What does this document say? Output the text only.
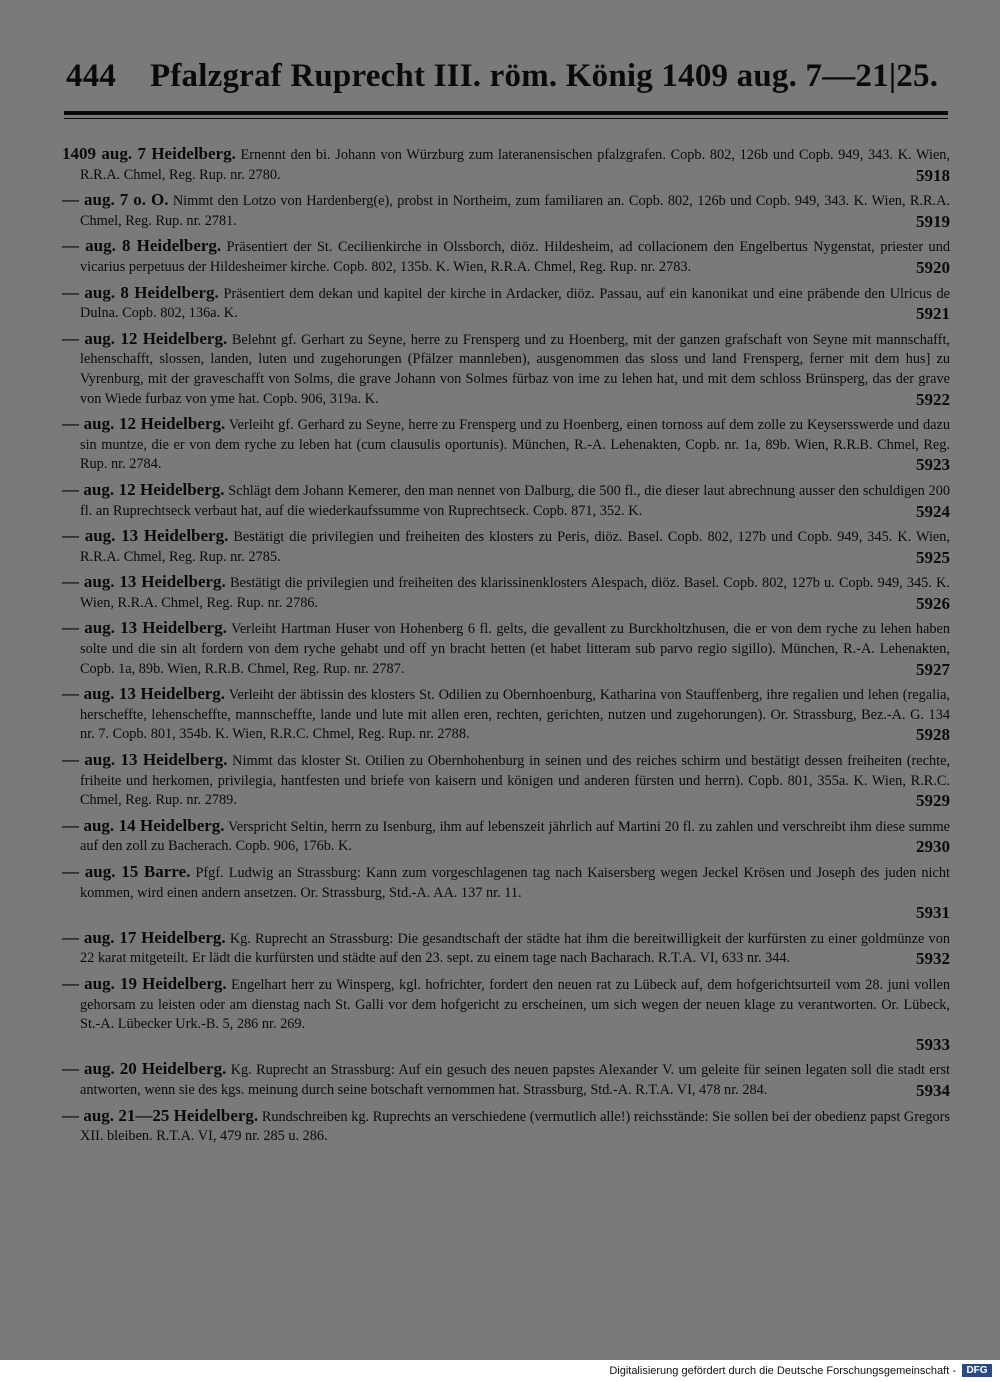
444 Pfalzgraf Ruprecht III. röm. König 1409 aug. 7—21|25.
1409 aug. 7 Heidelberg. Ernennt den bi. Johann von Würzburg zum lateranensischen pfalzgrafen. Copb. 802, 126b und Copb. 949, 343. K. Wien, R.R.A. Chmel, Reg. Rup. nr. 2780.	5918
— aug. 7 o. O. Nimmt den Lotzo von Hardenberg(e), probst in Northeim, zum familiaren an. Copb. 802, 126b und Copb. 949, 343. K. Wien, R.R.A. Chmel, Reg. Rup. nr. 2781.	5919
— aug. 8 Heidelberg. Präsentiert der St. Cecilienkirche in Olssborch, diöz. Hildesheim, ad collacionem den Engelbertus Nygenstat, priester und vicarius perpetuus der Hildesheimer kirche. Copb. 802, 135b. K. Wien, R.R.A. Chmel, Reg. Rup. nr. 2783.	5920
— aug. 8 Heidelberg. Präsentiert dem dekan und kapitel der kirche in Ardacker, diöz. Passau, auf ein kanonikat und eine präbende den Ulricus de Dulna. Copb. 802, 136a. K.	5921
— aug. 12 Heidelberg. Belehnt gf. Gerhart zu Seyne, herre zu Frensperg und zu Hoenberg, mit der ganzen grafschaft von Seyne mit mannschafft, lehenschafft, slossen, landen, luten und zugehorungen (Pfälzer mannleben), ausgenommen das sloss und land Frensperg, ferner mit dem hus] zu Vyrenburg, mit der graveschafft von Solms, die grave Johann von Solmes fürbaz von ime zu lehen hat, und mit dem schloss Brünsperg, das der grave von Wiede furbaz von yme hat. Copb. 906, 319a. K.	5922
— aug. 12 Heidelberg. Verleiht gf. Gerhard zu Seyne, herre zu Frensperg und zu Hoenberg, einen tornoss auf dem zolle zu Keysersswerde und dazu sin muntze, die er von dem ryche zu leben hat (cum clausulis oportunis). München, R.-A. Lehenakten, Copb. nr. 1a, 89b. Wien, R.R.B. Chmel, Reg. Rup. nr. 2784.	5923
— aug. 12 Heidelberg. Schlägt dem Johann Kemerer, den man nennet von Dalburg, die 500 fl., die dieser laut abrechnung ausser den schuldigen 200 fl. an Ruprechtseck verbaut hat, auf die wiederkaufssumme von Ruprechtseck. Copb. 871, 352. K.	5924
— aug. 13 Heidelberg. Bestätigt die privilegien und freiheiten des klosters zu Peris, diöz. Basel. Copb. 802, 127b und Copb. 949, 345. K. Wien, R.R.A. Chmel, Reg. Rup. nr. 2785.	5925
— aug. 13 Heidelberg. Bestätigt die privilegien und freiheiten des klarissinenklosters Alespach, diöz. Basel. Copb. 802, 127b u. Copb. 949, 345. K. Wien, R.R.A. Chmel, Reg. Rup. nr. 2786.	5926
— aug. 13 Heidelberg. Verleiht Hartman Huser von Hohenberg 6 fl. gelts, die gevallent zu Burckholtzhusen, die er von dem ryche zu lehen haben solte und die sin alt fordern von dem ryche gehabt und off yn bracht hetten (et habet litteram sub parvo regio sigillo). München, R.-A. Lehenakten, Copb. 1a, 89b. Wien, R.R.B. Chmel, Reg. Rup. nr. 2787.	5927
— aug. 13 Heidelberg. Verleiht der äbtissin des klosters St. Odilien zu Obernhoenburg, Katharina von Stauffenberg, ihre regalien und lehen (regalia, herscheffte, lehenscheffte, mannscheffte, lande und lute mit allen eren, rechten, gerichten, nutzen und zugehorungen). Or. Strassburg, Bez.-A. G. 134 nr. 7. Copb. 801, 354b. K. Wien, R.R.C. Chmel, Reg. Rup. nr. 2788.	5928
— aug. 13 Heidelberg. Nimmt das kloster St. Otilien zu Obernhohenburg in seinen und des reiches schirm und bestätigt dessen freiheiten (rechte, friheite und herkomen, privilegia, hantfesten und briefe von kaisern und königen und anderen fürsten und herrn). Copb. 801, 355a. K. Wien, R.R.C. Chmel, Reg. Rup. nr. 2789.	5929
— aug. 14 Heidelberg. Verspricht Seltin, herrn zu Isenburg, ihm auf lebenszeit jährlich auf Martini 20 fl. zu zahlen und verschreibt ihm diese summe auf den zoll zu Bacherach. Copb. 906, 176b. K.	2930
— aug. 15 Barre. Pfgf. Ludwig an Strassburg: Kann zum vorgeschlagenen tag nach Kaisersberg wegen Jeckel Krösen und Joseph des juden nicht kommen, wird einen andern ansetzen. Or. Strassburg, Std.-A. AA. 137 nr. 11.
5931
— aug. 17 Heidelberg. Kg. Ruprecht an Strassburg: Die gesandtschaft der städte hat ihm die bereitwilligkeit der kurfürsten zu einer goldmünze von 22 karat mitgeteilt. Er lädt die kurfürsten und städte auf den 23. sept. zu einem tage nach Bacharach. R.T.A. VI, 633 nr. 344.	5932
— aug. 19 Heidelberg. Engelhart herr zu Winsperg, kgl. hofrichter, fordert den neuen rat zu Lübeck auf, dem hofgerichtsurteil vom 28. juni vollen gehorsam zu leisten oder am dienstag nach St. Galli vor dem hofgericht zu erscheinen, um sich wegen der neuen klage zu verantworten. Or. Lübeck, St.-A. Lübecker Urk.-B. 5, 286 nr. 269.
5933
— aug. 20 Heidelberg. Kg. Ruprecht an Strassburg: Auf ein gesuch des neuen papstes Alexander V. um geleite für seinen legaten soll die stadt erst antworten, wenn sie des kgs. meinung durch seine botschaft vernommen hat. Strassburg, Std.-A. R.T.A. VI, 478 nr. 284.	5934
— aug. 21—25 Heidelberg. Rundschreiben kg. Ruprechts an verschiedene (vermutlich alle!) reichsstände: Sie sollen bei der obedienz papst Gregors XII. bleiben. R.T.A. VI, 479 nr. 285 u. 286.
Digitalisierung gefördert durch die Deutsche Forschungsgemeinschaft -	DFG
